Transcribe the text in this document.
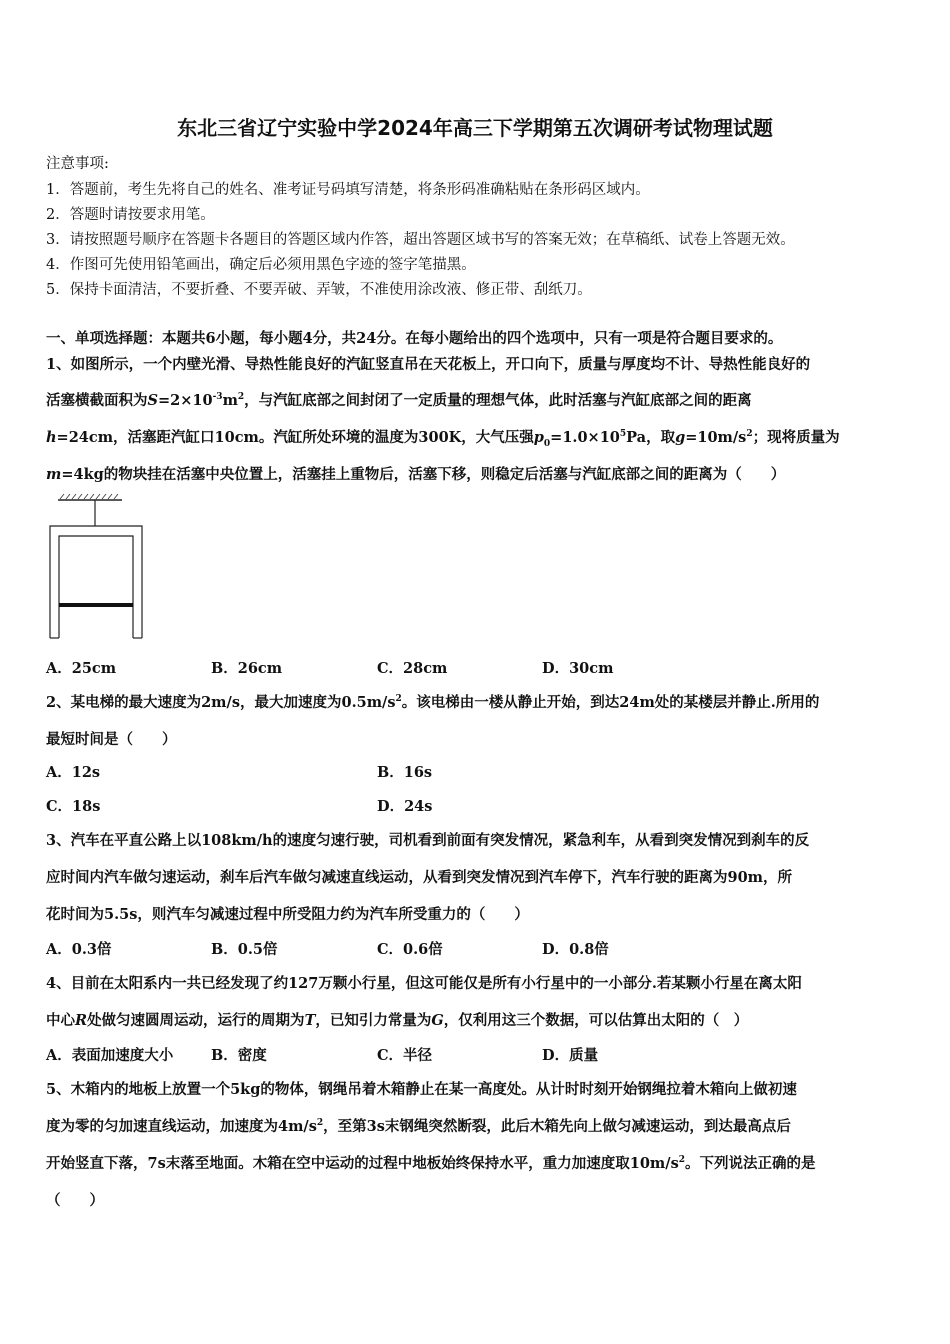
东北三省辽宁实验中学2024年高三下学期第五次调研考试物理试题
注意事项:
1．答题前，考生先将自己的姓名、准考证号码填写清楚，将条形码准确粘贴在条形码区域内。
2．答题时请按要求用笔。
3．请按照题号顺序在答题卡各题目的答题区域内作答，超出答题区域书写的答案无效；在草稿纸、试卷上答题无效。
4．作图可先使用铅笔画出，确定后必须用黑色字迹的签字笔描黑。
5．保持卡面清洁，不要折叠、不要弄破、弄皱，不准使用涂改液、修正带、刮纸刀。
一、单项选择题：本题共6小题，每小题4分，共24分。在每小题给出的四个选项中，只有一项是符合题目要求的。
1、如图所示，一个内壁光滑、导热性能良好的汽缸竖直吊在天花板上，开口向下，质量与厚度均不计、导热性能良好的
活塞横截面积为$S=2\times 10^{-3}m^2$，与汽缸底部之间封闭了一定质量的理想气体，此时活塞与汽缸底部之间的距离
h=24cm，活塞距汽缸口10cm。汽缸所处环境的温度为300K，大气压强$p_0=1.0\times 10^5Pa$，取$g=10m/s^2$；现将质量为
m=4kg的物块挂在活塞中央位置上，活塞挂上重物后，活塞下移，则稳定后活塞与汽缸底部之间的距离为（　　）
A．25cm	B．26cm	C．28cm	D．30cm
2、某电梯的最大速度为2m/s，最大加速度为$0.5m/s^2$。该电梯由一楼从静止开始，到达24m处的某楼层并静止.所用的
最短时间是（　　）
A．12s	B．16s
C．18s	D．24s
3、汽车在平直公路上以108km/h的速度匀速行驶，司机看到前面有突发情况，紧急利车，从看到突发情况到刹车的反
应时间内汽车做匀速运动，刹车后汽车做匀减速直线运动，从看到突发情况到汽车停下，汽车行驶的距离为90m，所
花时间为5.5s，则汽车匀减速过程中所受阻力约为汽车所受重力的（　　）
A．0.3倍	B．0.5倍	C．0.6倍	D．0.8倍
4、目前在太阳系内一共已经发现了约127万颗小行星，但这可能仅是所有小行星中的一小部分.若某颗小行星在离太阳
中心R处做匀速圆周运动，运行的周期为T，已知引力常量为G，仅利用这三个数据，可以估算出太阳的（　）
A．表面加速度大小	B．密度	C．半径	D．质量
5、木箱内的地板上放置一个5kg的物体，钢绳吊着木箱静止在某一高度处。从计时时刻开始钢绳拉着木箱向上做初速
度为零的匀加速直线运动，加速度为$4m/s^2$，至第3s末钢绳突然断裂，此后木箱先向上做匀减速运动，到达最高点后
开始竖直下落，7s末落至地面。木箱在空中运动的过程中地板始终保持水平，重力加速度取$10m/s^2$。下列说法正确的是
（　　）
